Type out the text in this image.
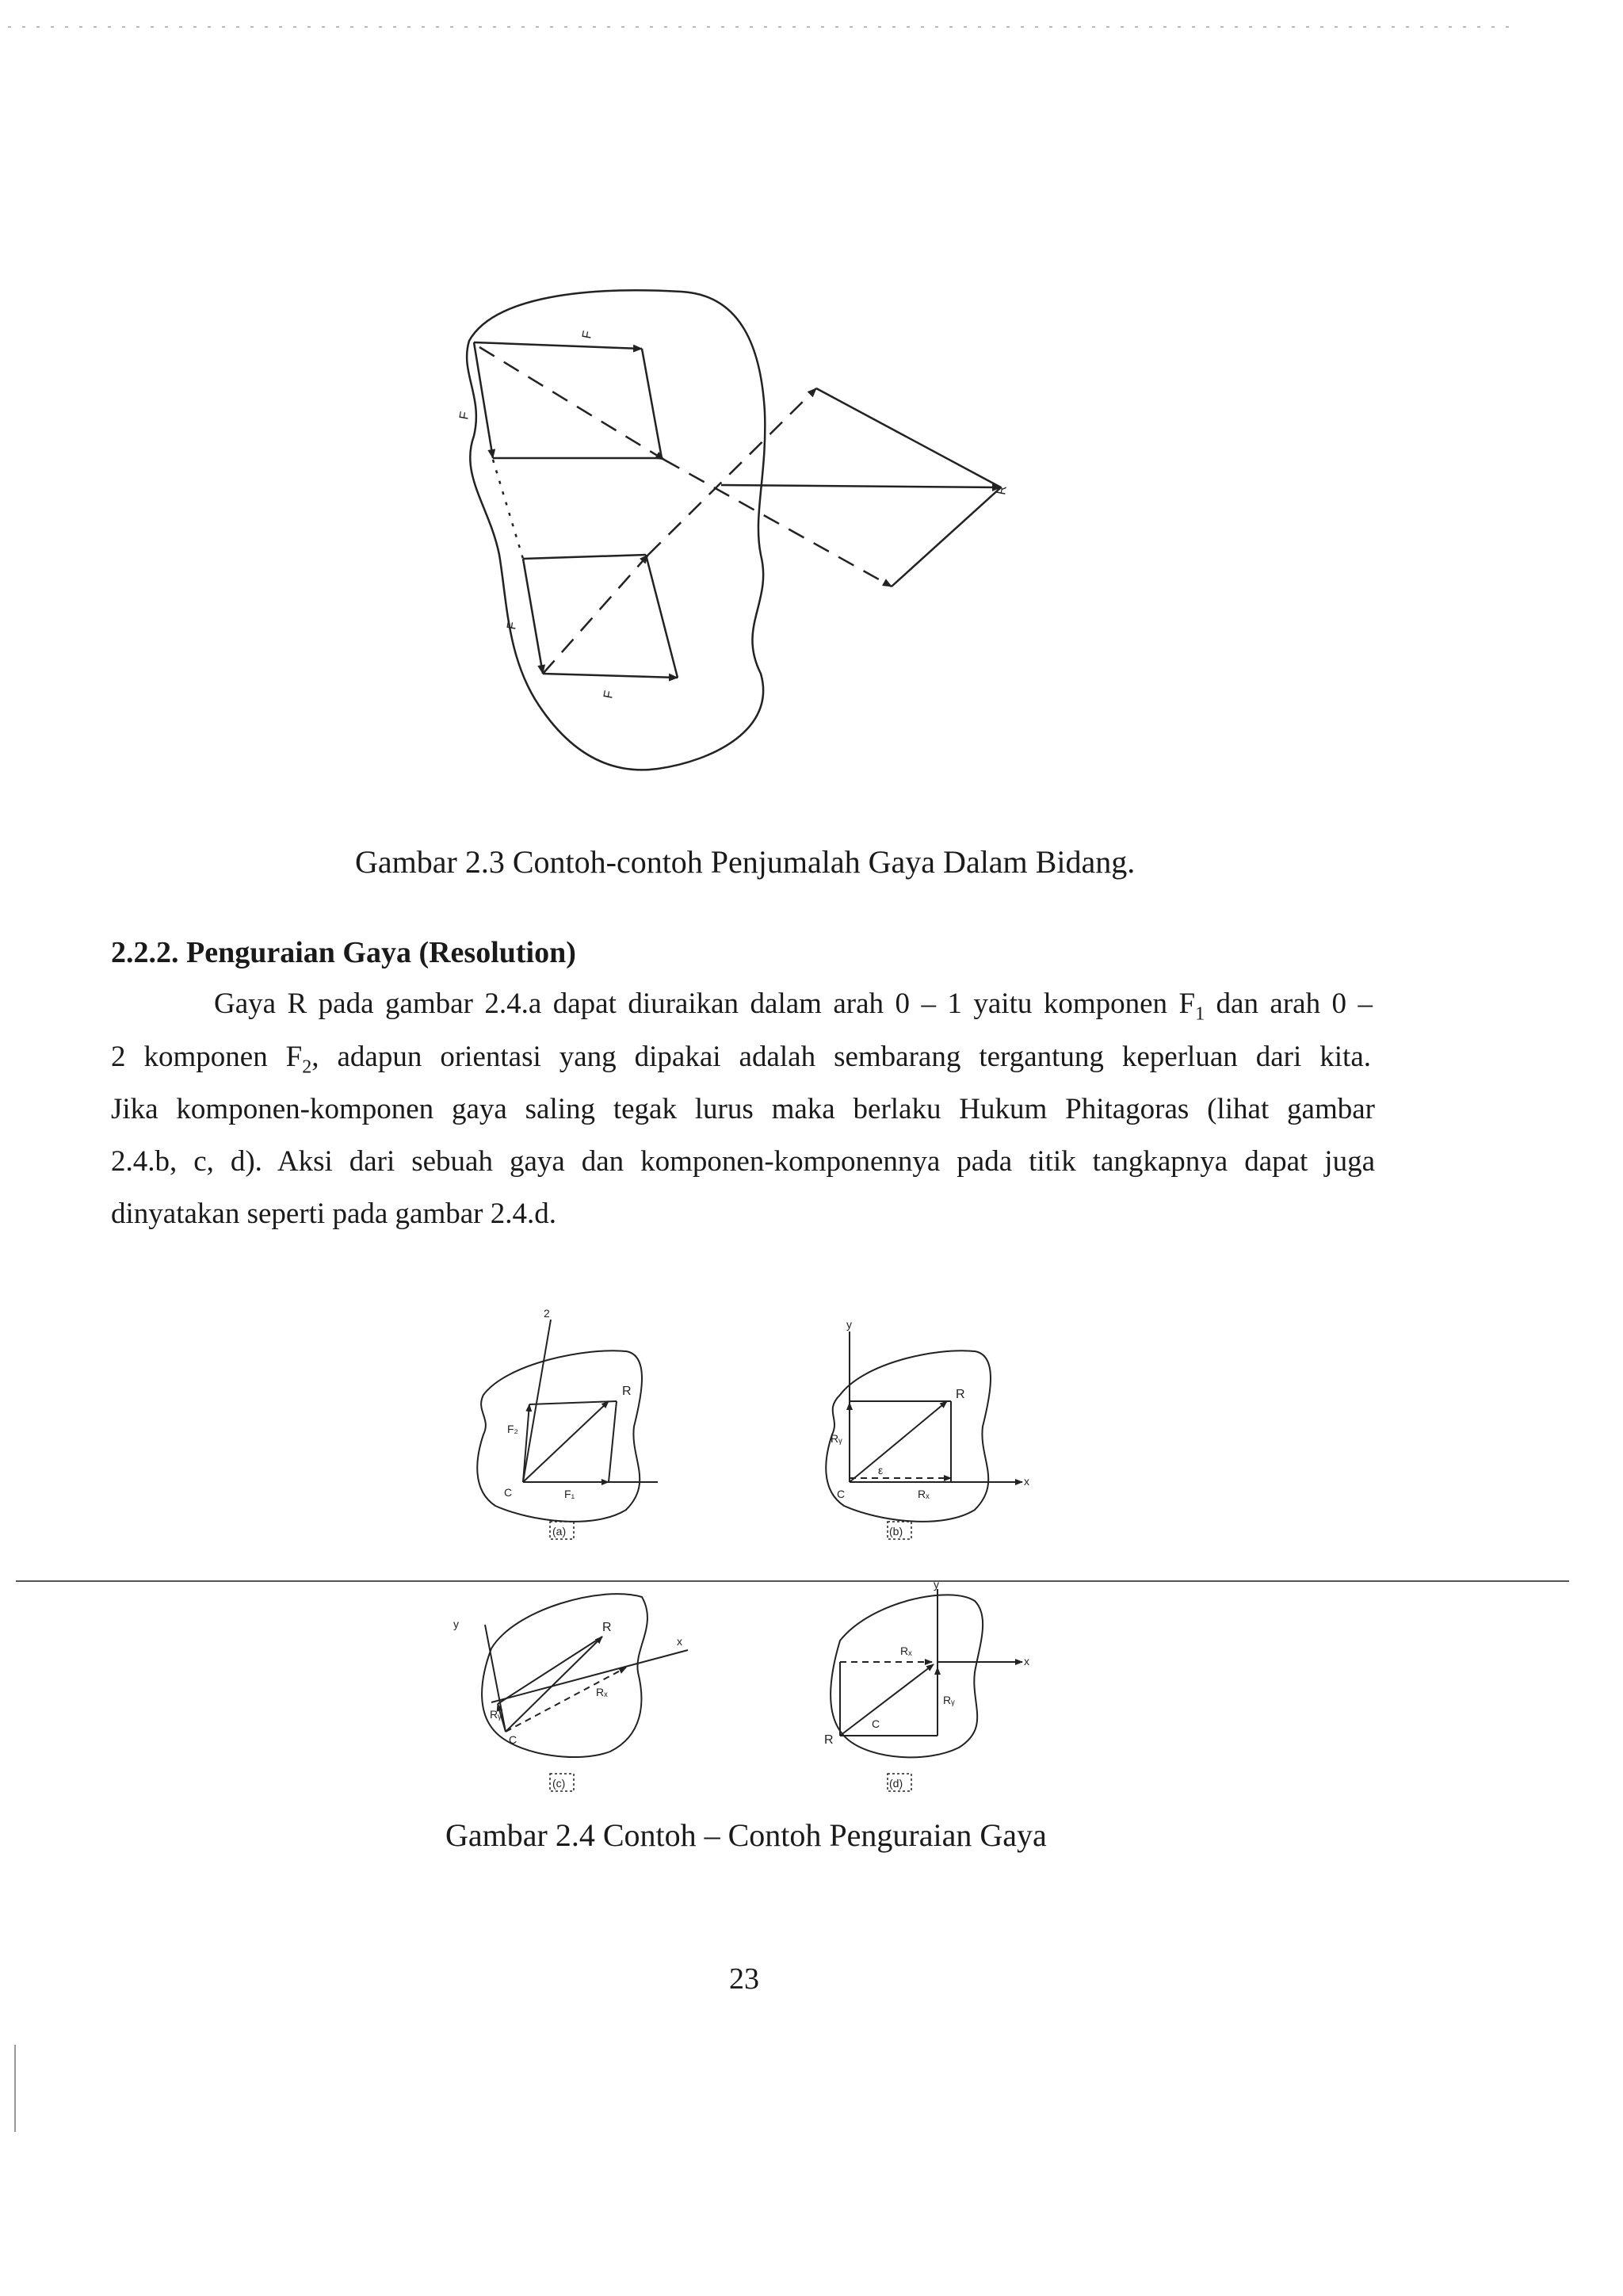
F
F
F
F
R
Gambar 2.3 Contoh-contoh Penjumalah Gaya Dalam Bidang.
2.2.2. Penguraian Gaya (Resolution)
Gaya R pada gambar 2.4.a dapat diuraikan dalam arah 0 – 1 yaitu komponen $F_1$ dan arah 0 –
2 komponen $F_2$, adapun orientasi yang dipakai adalah sembarang tergantung keperluan dari kita.
Jika komponen-komponen gaya saling tegak lurus maka berlaku Hukum Phitagoras (lihat gambar
2.4.b, c, d). Aksi dari sebuah gaya dan komponen-komponennya pada titik tangkapnya dapat juga
dinyatakan seperti pada gambar 2.4.d.
2
R
F₂
F₁
C
(a)
y
x
R
Rᵧ
Rₓ
C
ε
(b)
y
x
R
Rᵧ
Rₓ
C
(c)
y
x
R
Rᵧ
Rₓ
C
(d)
Gambar 2.4 Contoh – Contoh Penguraian Gaya
23
